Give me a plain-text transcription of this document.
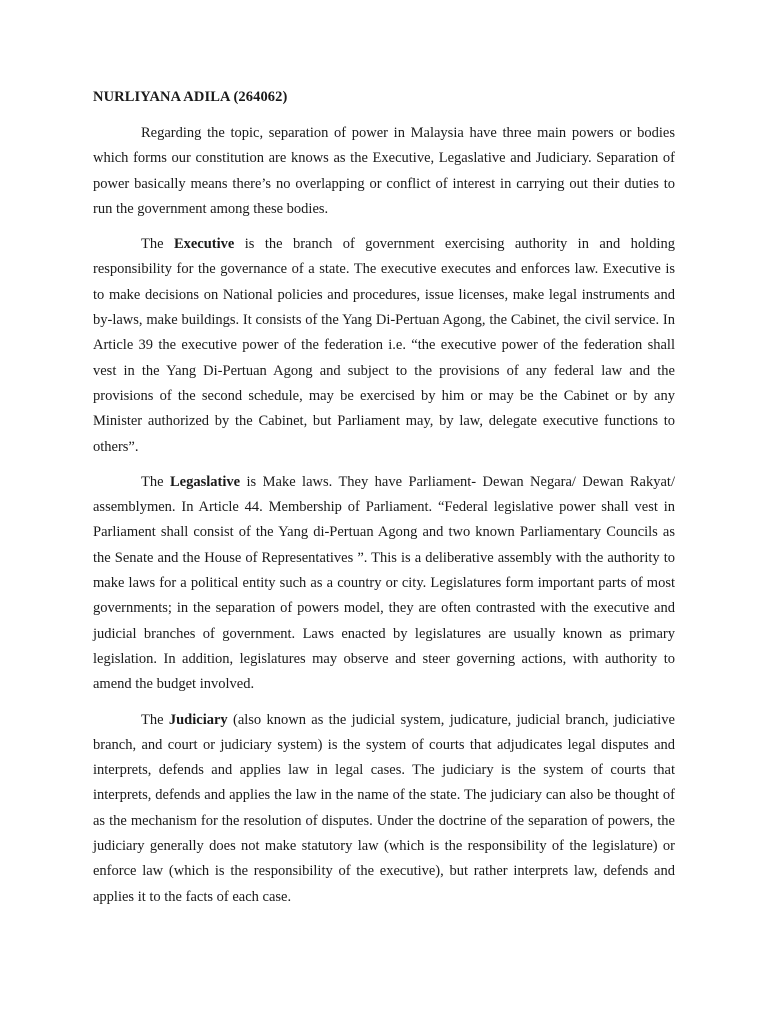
NURLIYANA ADILA (264062)

Regarding the topic, separation of power in Malaysia have three main powers or bodies which forms our constitution are knows as the Executive, Legaslative and Judiciary. Separation of power basically means there’s no overlapping or conflict of interest in carrying out their duties to run the government among these bodies.

The Executive is the branch of government exercising authority in and holding responsibility for the governance of a state. The executive executes and enforces law. Executive is to make decisions on National policies and procedures, issue licenses, make legal instruments and by-laws, make buildings. It consists of the Yang Di-Pertuan Agong, the Cabinet, the civil service. In Article 39 the executive power of the federation i.e. “the executive power of the federation shall vest in the Yang Di-Pertuan Agong and subject to the provisions of any federal law and the provisions of the second schedule, may be exercised by him or may be the Cabinet or by any Minister authorized by the Cabinet, but Parliament may, by law, delegate executive functions to others”.

The Legaslative is Make laws. They have Parliament- Dewan Negara/ Dewan Rakyat/ assemblymen. In Article 44. Membership of Parliament. “Federal legislative power shall vest in Parliament shall consist of the Yang di-Pertuan Agong and two known Parliamentary Councils as the Senate and the House of Representatives ”. This is a deliberative assembly with the authority to make laws for a political entity such as a country or city. Legislatures form important parts of most governments; in the separation of powers model, they are often contrasted with the executive and judicial branches of government. Laws enacted by legislatures are usually known as primary legislation. In addition, legislatures may observe and steer governing actions, with authority to amend the budget involved.

The Judiciary (also known as the judicial system, judicature, judicial branch, judiciative branch, and court or judiciary system) is the system of courts that adjudicates legal disputes and interprets, defends and applies law in legal cases. The judiciary is the system of courts that interprets, defends and applies the law in the name of the state. The judiciary can also be thought of as the mechanism for the resolution of disputes. Under the doctrine of the separation of powers, the judiciary generally does not make statutory law (which is the responsibility of the legislature) or enforce law (which is the responsibility of the executive), but rather interprets law, defends and applies it to the facts of each case.
